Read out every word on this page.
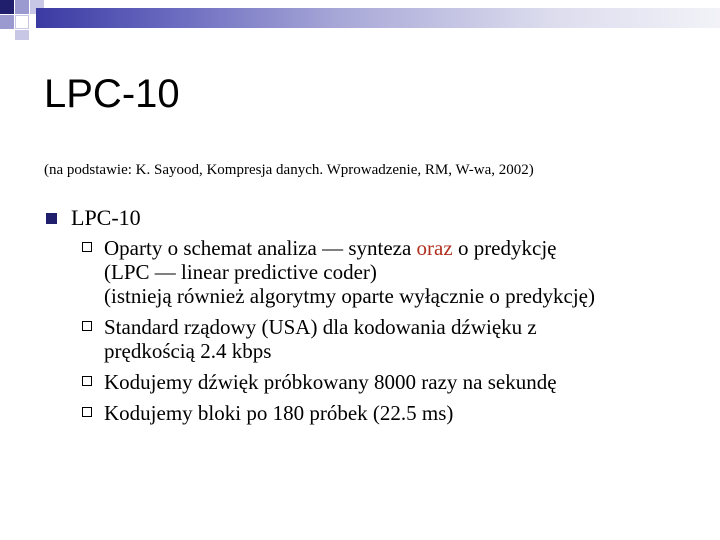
LPC-10
(na podstawie: K. Sayood, Kompresja danych. Wprowadzenie, RM, W-wa, 2002)
LPC-10
Oparty o schemat analiza — synteza oraz o predykcję
(LPC — linear predictive coder)
(istnieją również algorytmy oparte wyłącznie o predykcję)
Standard rządowy (USA) dla kodowania dźwięku z
prędkością 2.4 kbps
Kodujemy dźwięk próbkowany 8000 razy na sekundę
Kodujemy bloki po 180 próbek (22.5 ms)
